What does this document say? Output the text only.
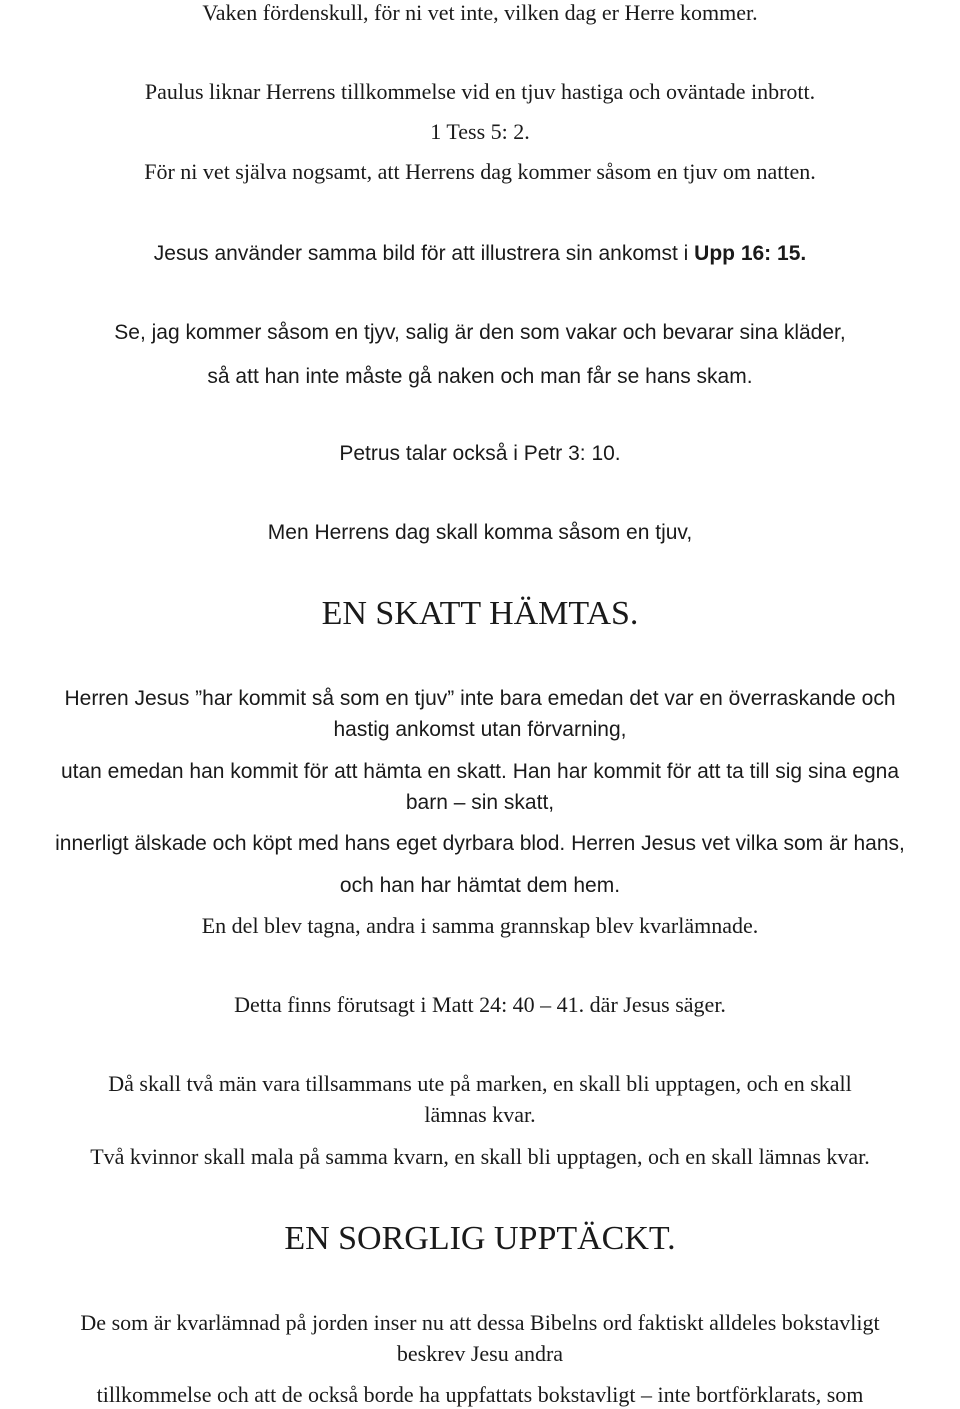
Vaken fördenskull, för ni vet inte, vilken dag er Herre kommer.
Paulus liknar Herrens tillkommelse vid en tjuv hastiga och oväntade inbrott.
1 Tess 5: 2.
För ni vet själva nogsamt, att Herrens dag kommer såsom en tjuv om natten.
Jesus använder samma bild för att illustrera sin ankomst i Upp 16: 15.
Se, jag kommer såsom en tjyv, salig är den som vakar och bevarar sina kläder,
så att han inte måste gå naken och man får se hans skam.
Petrus talar också i Petr 3: 10.
Men Herrens dag skall komma såsom en tjuv,
EN SKATT HÄMTAS.
Herren Jesus ”har kommit så som en tjuv” inte bara emedan det var en överraskande och
hastig ankomst utan förvarning,
utan emedan han kommit för att hämta en skatt. Han har kommit för att ta till sig sina egna
barn – sin skatt,
innerligt älskade och köpt med hans eget dyrbara blod. Herren Jesus vet vilka som är hans,
och han har hämtat dem hem.
En del blev tagna, andra i samma grannskap blev kvarlämnade.
Detta finns förutsagt i Matt 24: 40 – 41. där Jesus säger.
Då skall två män vara tillsammans ute på marken, en skall bli upptagen, och en skall
lämnas kvar.
Två kvinnor skall mala på samma kvarn, en skall bli upptagen, och en skall lämnas kvar.
EN SORGLIG UPPTÄCKT.
De som är kvarlämnad på jorden inser nu att dessa Bibelns ord faktiskt alldeles bokstavligt
beskrev Jesu andra
tillkommelse och att de också borde ha uppfattats bokstavligt – inte bortförklarats, som
